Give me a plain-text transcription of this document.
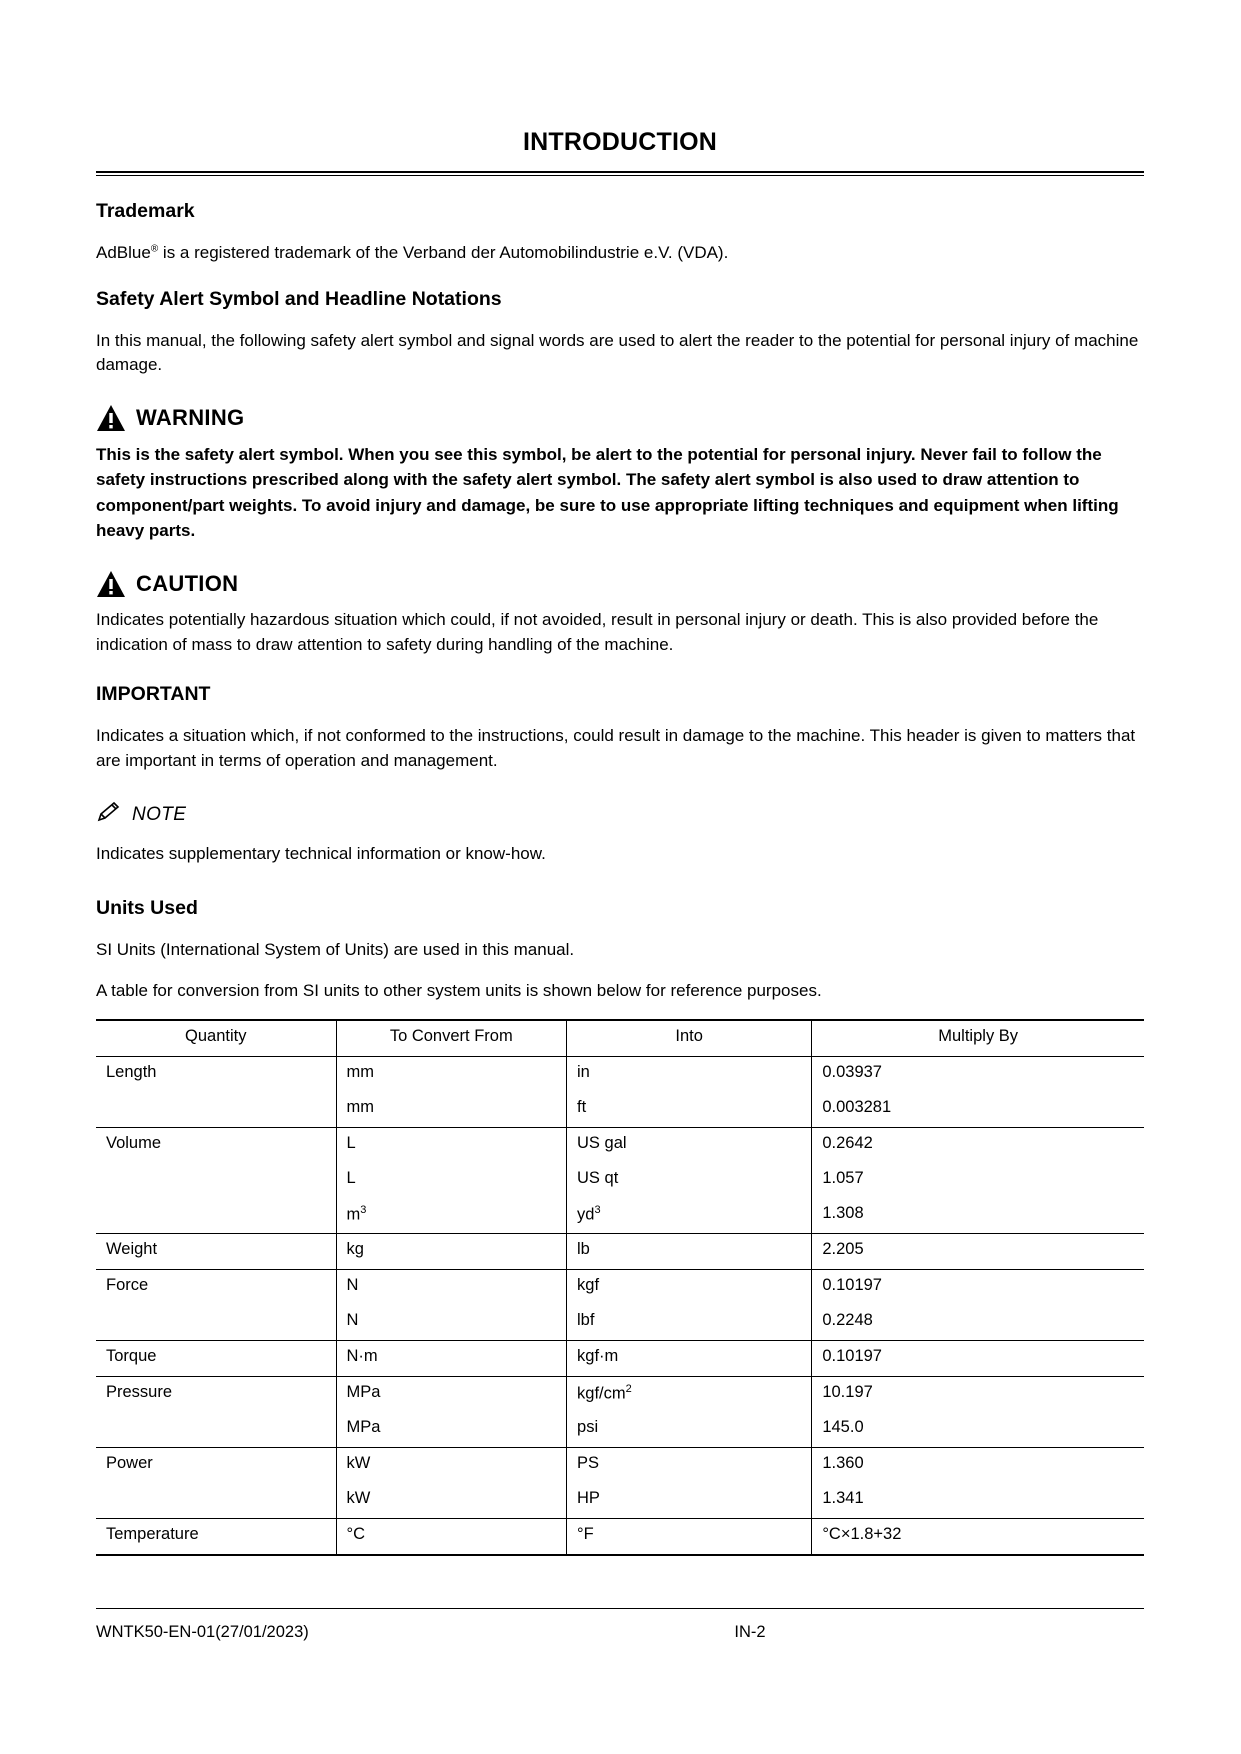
INTRODUCTION
Trademark

AdBlue® is a registered trademark of the Verband der Automobilindustrie e.V. (VDA).

Safety Alert Symbol and Headline Notations

In this manual, the following safety alert symbol and signal words are used to alert the reader to the potential for personal injury of machine damage.

WARNING

This is the safety alert symbol. When you see this symbol, be alert to the potential for personal injury. Never fail to follow the safety instructions prescribed along with the safety alert symbol. The safety alert symbol is also used to draw attention to component/part weights. To avoid injury and damage, be sure to use appropriate lifting techniques and equipment when lifting heavy parts.

CAUTION

Indicates potentially hazardous situation which could, if not avoided, result in personal injury or death. This is also provided before the indication of mass to draw attention to safety during handling of the machine.

IMPORTANT

Indicates a situation which, if not conformed to the instructions, could result in damage to the machine. This header is given to matters that are important in terms of operation and management.

NOTE

Indicates supplementary technical information or know-how.

Units Used

SI Units (International System of Units) are used in this manual.

A table for conversion from SI units to other system units is shown below for reference purposes.

Quantity	To Convert From	Into	Multiply By
Length	mm	in	0.03937
	mm	ft	0.003281
Volume	L	US gal	0.2642
	L	US qt	1.057
	$m^3$	$yd^3$	1.308
Weight	kg	lb	2.205
Force	N	kgf	0.10197
	N	lbf	0.2248
Torque	N·m	kgf·m	0.10197
Pressure	MPa	kgf/$cm^2$	10.197
	MPa	psi	145.0
Power	kW	PS	1.360
	kW	HP	1.341
Temperature	°C	°F	°C×1.8+32
WNTK50-EN-01(27/01/2023)	IN-2
